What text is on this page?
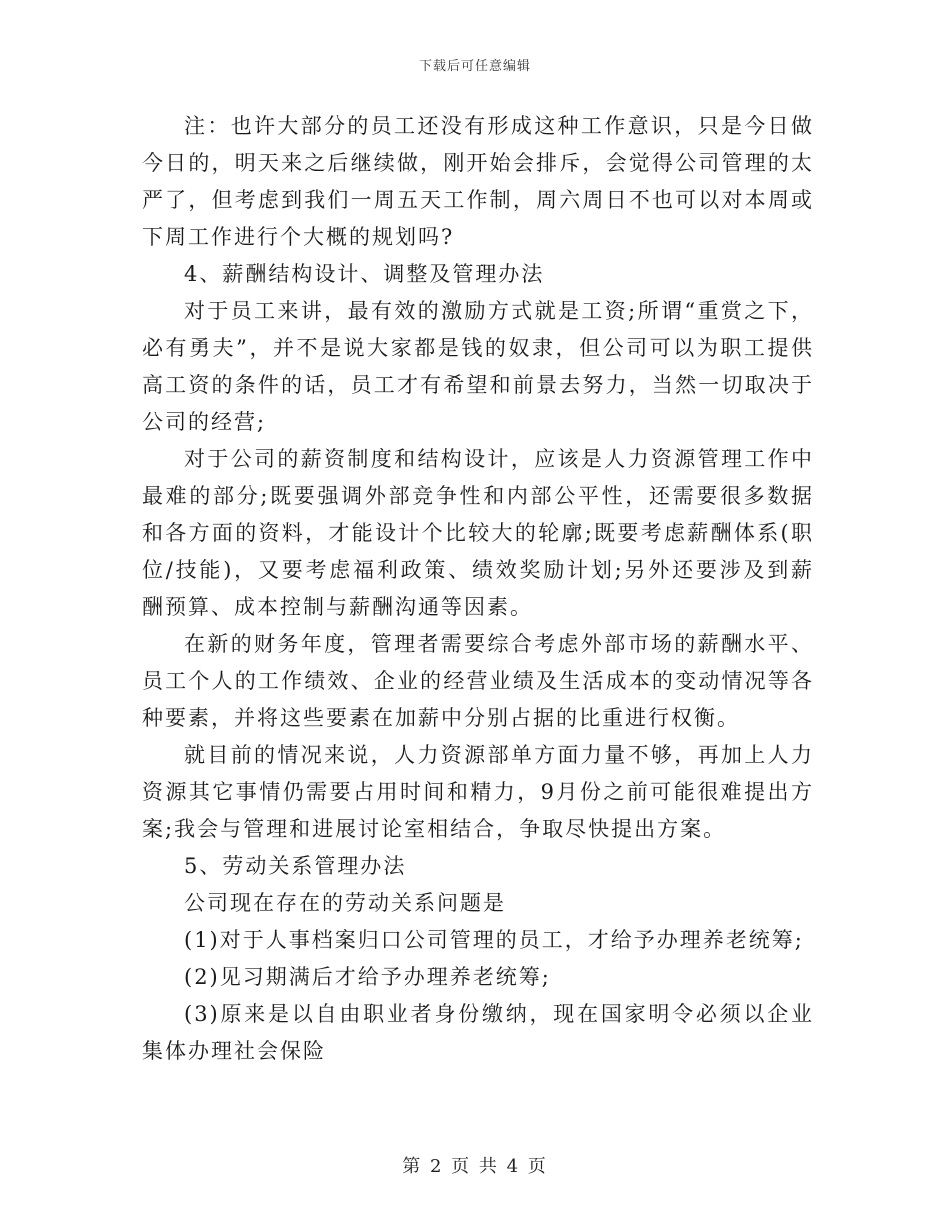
下载后可任意编辑

注：也许大部分的员工还没有形成这种工作意识，只是今日做今日的，明天来之后继续做，刚开始会排斥，会觉得公司管理的太严了，但考虑到我们一周五天工作制，周六周日不也可以对本周或下周工作进行个大概的规划吗?

4、薪酬结构设计、调整及管理办法

对于员工来讲，最有效的激励方式就是工资;所谓“重赏之下，必有勇夫”，并不是说大家都是钱的奴隶，但公司可以为职工提供高工资的条件的话，员工才有希望和前景去努力，当然一切取决于公司的经营;

对于公司的薪资制度和结构设计，应该是人力资源管理工作中最难的部分;既要强调外部竞争性和内部公平性，还需要很多数据和各方面的资料，才能设计个比较大的轮廓;既要考虑薪酬体系(职位/技能)，又要考虑福利政策、绩效奖励计划;另外还要涉及到薪酬预算、成本控制与薪酬沟通等因素。

在新的财务年度，管理者需要综合考虑外部市场的薪酬水平、员工个人的工作绩效、企业的经营业绩及生活成本的变动情况等各种要素，并将这些要素在加薪中分别占据的比重进行权衡。

就目前的情况来说，人力资源部单方面力量不够，再加上人力资源其它事情仍需要占用时间和精力，9月份之前可能很难提出方案;我会与管理和进展讨论室相结合，争取尽快提出方案。

5、劳动关系管理办法

公司现在存在的劳动关系问题是

(1)对于人事档案归口公司管理的员工，才给予办理养老统筹;

(2)见习期满后才给予办理养老统筹;

(3)原来是以自由职业者身份缴纳，现在国家明令必须以企业集体办理社会保险

第 2 页 共 4 页
